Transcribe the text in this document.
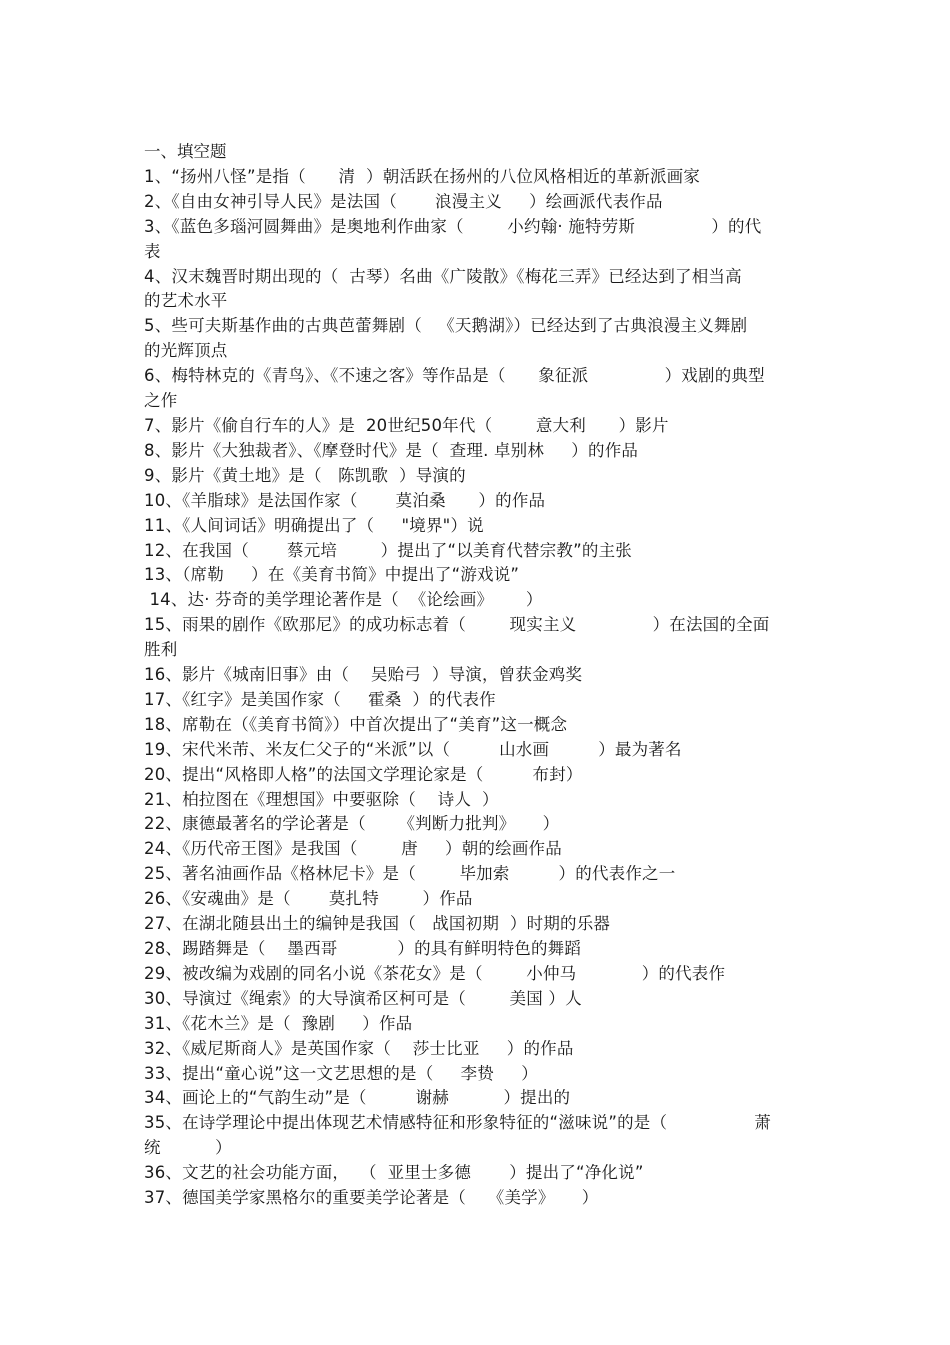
一、填空题
1、“扬州八怪”是指（      清  ）朝活跃在扬州的八位风格相近的革新派画家
2、《自由女神引导人民》是法国（       浪漫主义     ）绘画派代表作品
3、《蓝色多瑙河圆舞曲》是奥地利作曲家（        小约翰· 施特劳斯              ）的代
表
4、汉末魏晋时期出现的（  古琴）名曲《广陵散》《梅花三弄》已经达到了相当高
的艺术水平
5、些可夫斯基作曲的古典芭蕾舞剧（   《天鹅湖》）已经达到了古典浪漫主义舞剧
的光辉顶点
6、梅特林克的《青鸟》、《不速之客》等作品是（      象征派              ）戏剧的典型
之作
7、影片《偷自行车的人》是  20世纪50年代（        意大利      ）影片
8、影片《大独裁者》、《摩登时代》是（  查理. 卓别林     ）的作品
9、影片《黄土地》是（   陈凯歌  ）导演的
10、《羊脂球》是法国作家（       莫泊桑      ）的作品
11、《人间词话》明确提出了（     "境界"）说
12、在我国（       蔡元培        ）提出了“以美育代替宗教”的主张
13、（席勒     ）在《美育书简》中提出了“游戏说”
14、达· 芬奇的美学理论著作是（  《论绘画》      ）
15、雨果的剧作《欧那尼》的成功标志着（        现实主义              ）在法国的全面
胜利
16、影片《城南旧事》由（    吴贻弓  ）导演，曾获金鸡奖
17、《红字》是美国作家（     霍桑  ）的代表作
18、席勒在（《美育书简》）中首次提出了“美育”这一概念
19、宋代米芾、米友仁父子的“米派”以（         山水画         ）最为著名
20、提出“风格即人格”的法国文学理论家是（         布封）
21、柏拉图在《理想国》中要驱除（    诗人  ）
22、康德最著名的学论著是（      《判断力批判》     ）
24、《历代帝王图》是我国（        唐     ）朝的绘画作品
25、著名油画作品《格林尼卡》是（        毕加索         ）的代表作之一
26、《安魂曲》是（       莫扎特        ）作品
27、在湖北随县出土的编钟是我国（   战国初期  ）时期的乐器
28、踢踏舞是（    墨西哥           ）的具有鲜明特色的舞蹈
29、被改编为戏剧的同名小说《茶花女》是（        小仲马            ）的代表作
30、导演过《绳索》的大导演希区柯可是（        美国 ）人
31、《花木兰》是（  豫剧     ）作品
32、《威尼斯商人》是英国作家（    莎士比亚     ）的作品
33、提出“童心说”这一文艺思想的是（     李贽     ）
34、画论上的“气韵生动”是（         谢赫          ）提出的
35、在诗学理论中提出体现艺术情感特征和形象特征的“滋味说”的是（                萧
统          ）
36、文艺的社会功能方面，  （  亚里士多德       ）提出了“净化说”
37、德国美学家黑格尔的重要美学论著是（    《美学》     ）
